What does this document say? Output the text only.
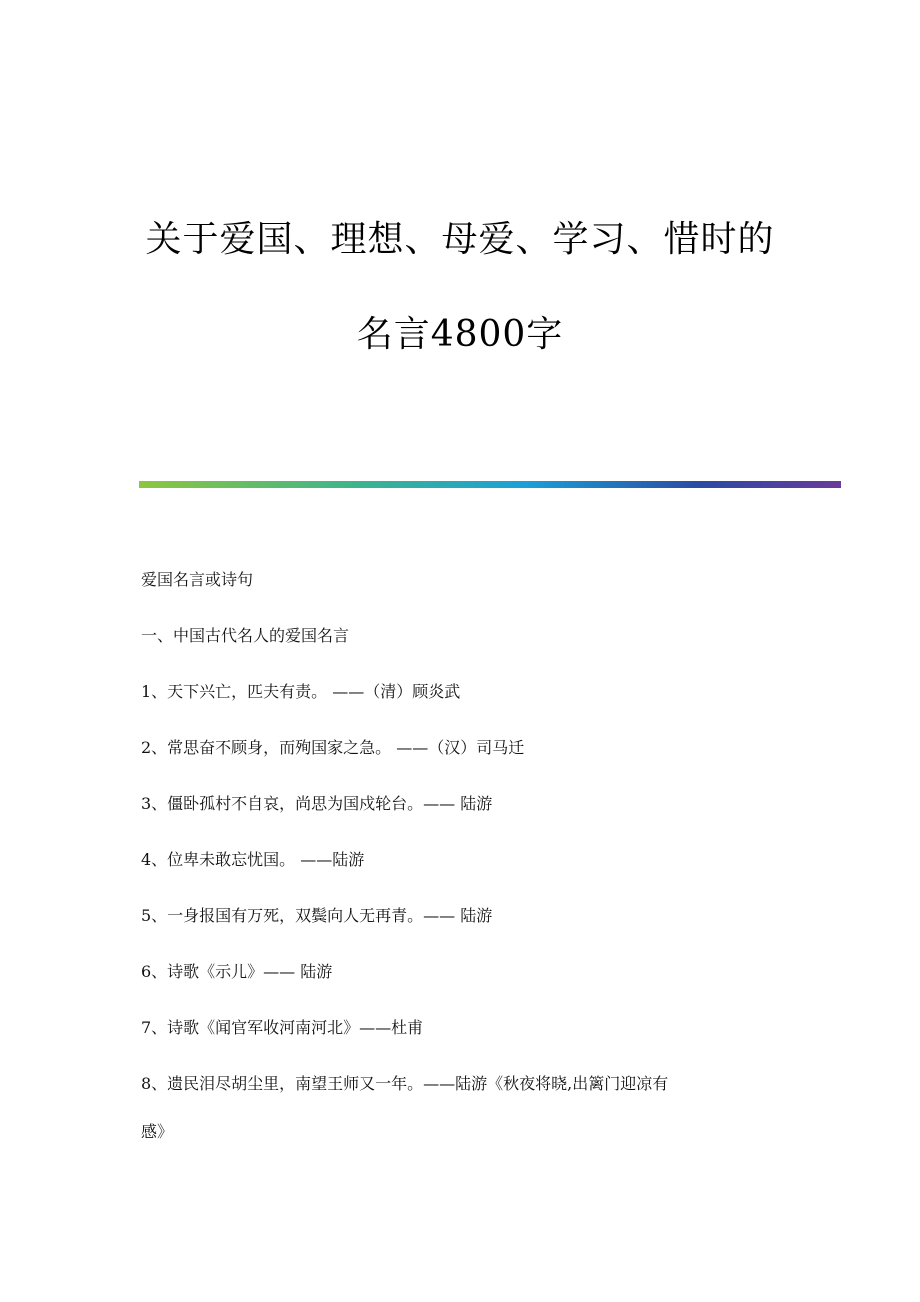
关于爱国、理想、母爱、学习、惜时的
名言4800字
爱国名言或诗句
一、中国古代名人的爱国名言
1、天下兴亡，匹夫有责。 ——（清）顾炎武
2、常思奋不顾身，而殉国家之急。 ——（汉）司马迁
3、僵卧孤村不自哀，尚思为国戍轮台。—— 陆游
4、位卑未敢忘忧国。 ——陆游
5、一身报国有万死，双鬓向人无再青。—— 陆游
6、诗歌《示儿》—— 陆游
7、诗歌《闻官军收河南河北》——杜甫
8、遗民泪尽胡尘里，南望王师又一年。——陆游《秋夜将晓,出篱门迎凉有
感》
